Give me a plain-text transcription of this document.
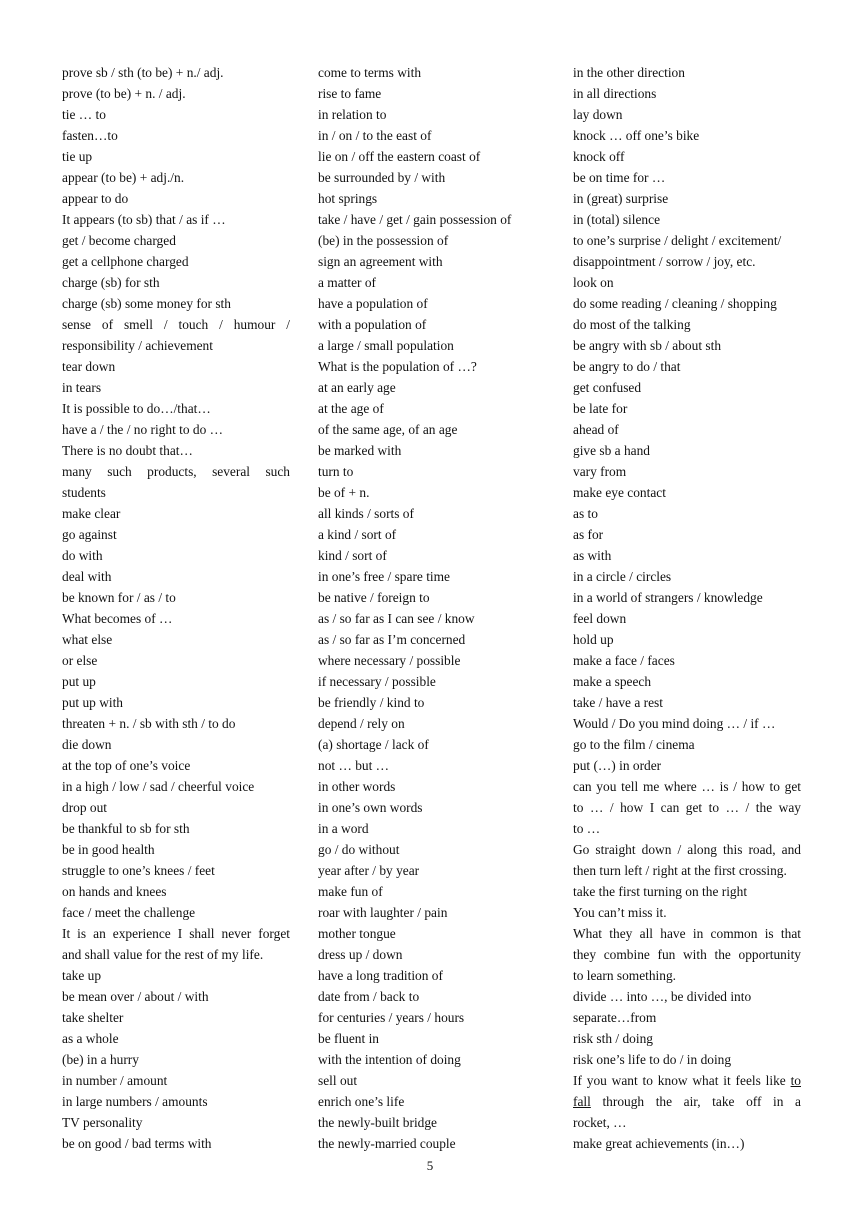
prove sb / sth (to be) + n./ adj.
prove (to be) + n. / adj.
tie … to
fasten…to
tie up
appear (to be) + adj./n.
appear to do
It appears (to sb) that / as if …
get / become charged
get a cellphone charged
charge (sb) for sth
charge (sb) some money for sth
sense of smell / touch / humour /
responsibility / achievement
tear down
in tears
It is possible to do…/that…
have a / the / no right to do …
There is no doubt that…
many such products, several such
students
make clear
go against
do with
deal with
be known for / as / to
What becomes of …
what else
or else
put up
put up with
threaten + n. / sb with sth / to do
die down
at the top of one’s voice
in a high / low / sad / cheerful voice
drop out
be thankful to sb for sth
be in good health
struggle to one’s knees / feet
on hands and knees
face / meet the challenge
It is an experience I shall never forget
and shall value for the rest of my life.
take up
be mean over / about / with
take shelter
as a whole
(be) in a hurry
in number / amount
in large numbers / amounts
TV personality
be on good / bad terms with
come to terms with
rise to fame
in relation to
in / on / to the east of
lie on / off the eastern coast of
be surrounded by / with
hot springs
take / have / get / gain possession of
(be) in the possession of
sign an agreement with
a matter of
have a population of
with a population of
a large / small population
What is the population of …?
at an early age
at the age of
of the same age, of an age
be marked with
turn to
be of + n.
all kinds / sorts of
a kind / sort of
kind / sort of
in one’s free / spare time
be native / foreign to
as / so far as I can see / know
as / so far as I’m concerned
where necessary / possible
if necessary / possible
be friendly / kind to
depend / rely on
(a) shortage / lack of
not … but …
in other words
in one’s own words
in a word
go / do without
year after / by year
make fun of
roar with laughter / pain
mother tongue
dress up / down
have a long tradition of
date from / back to
for centuries / years / hours
be fluent in
with the intention of doing
sell out
enrich one’s life
the newly-built bridge
the newly-married couple
in the other direction
in all directions
lay down
knock … off one’s bike
knock off
be on time for …
in (great) surprise
in (total) silence
to one’s surprise / delight / excitement/
disappointment / sorrow / joy, etc.
look on
do some reading / cleaning / shopping
do most of the talking
be angry with sb / about sth
be angry to do / that
get confused
be late for
ahead of
give sb a hand
vary from
make eye contact
as to
as for
as with
in a circle / circles
in a world of strangers / knowledge
feel down
hold up
make a face / faces
make a speech
take / have a rest
Would / Do you mind doing … / if …
go to the film / cinema
put (…) in order
can you tell me where … is / how to get
to … / how I can get to … / the way
to …
Go straight down / along this road, and
then turn left / right at the first crossing.
take the first turning on the right
You can’t miss it.
What they all have in common is that
they combine fun with the opportunity
to learn something.
divide … into …, be divided into
separate…from
risk sth / doing
risk one’s life to do / in doing
If you want to know what it feels like to
fall through the air, take off in a
rocket, …
make great achievements (in…)
5
